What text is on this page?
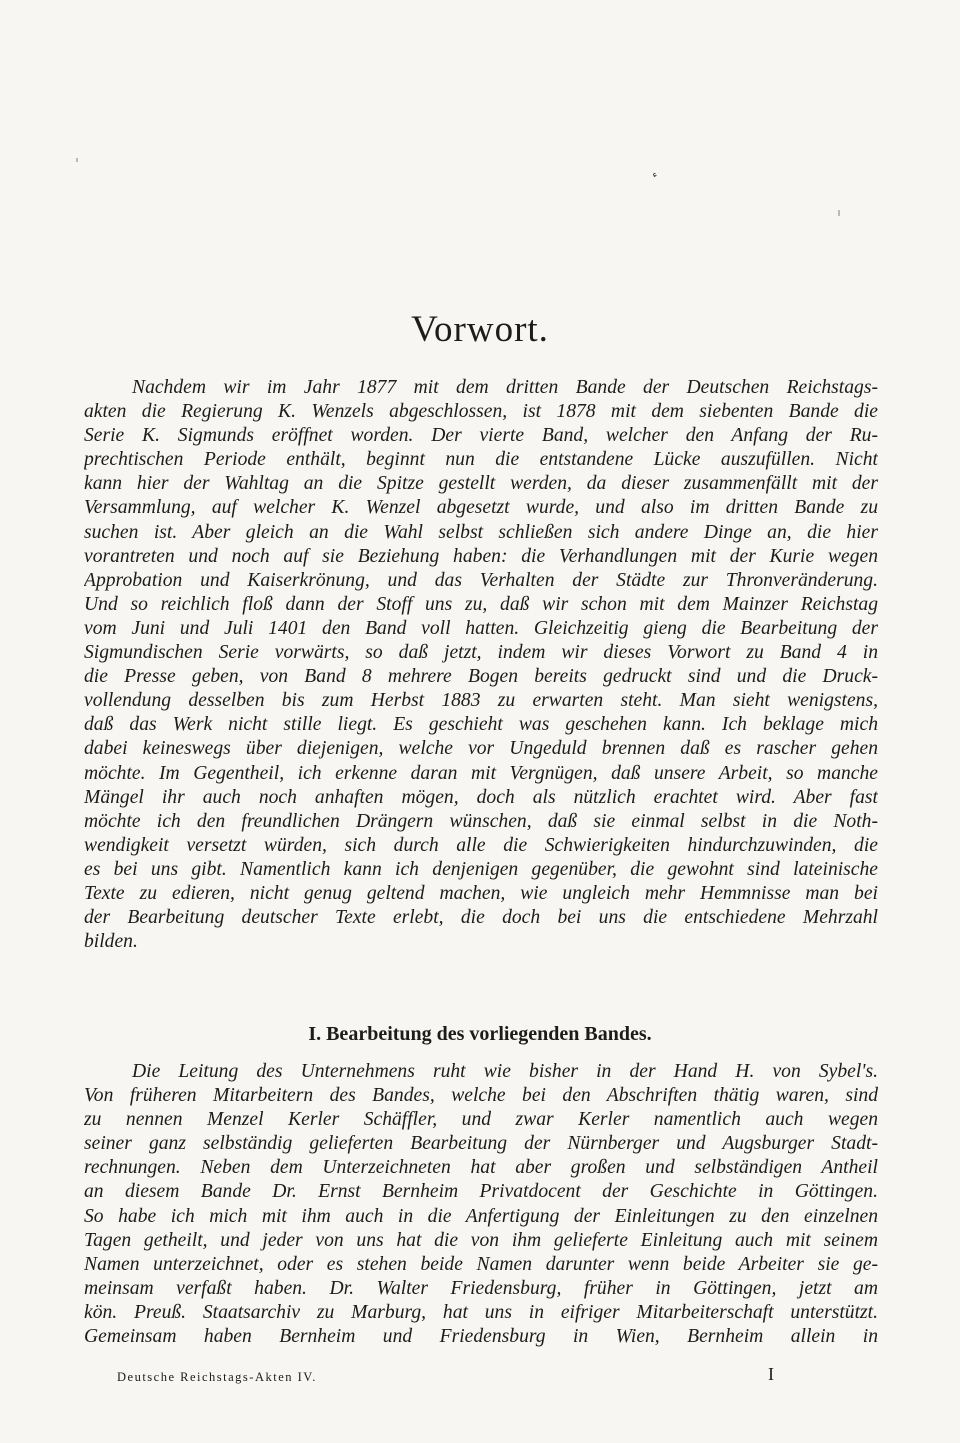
ٴ
Vorwort.
Nachdem wir im Jahr 1877 mit dem dritten Bande der Deutschen Reichstags-
akten die Regierung K. Wenzels abgeschlossen, ist 1878 mit dem siebenten Bande die
Serie K. Sigmunds eröffnet worden. Der vierte Band, welcher den Anfang der Ru-
prechtischen Periode enthält, beginnt nun die entstandene Lücke auszufüllen. Nicht
kann hier der Wahltag an die Spitze gestellt werden, da dieser zusammenfällt mit der
Versammlung, auf welcher K. Wenzel abgesetzt wurde, und also im dritten Bande zu
suchen ist. Aber gleich an die Wahl selbst schließen sich andere Dinge an, die hier
vorantreten und noch auf sie Beziehung haben: die Verhandlungen mit der Kurie wegen
Approbation und Kaiserkrönung, und das Verhalten der Städte zur Thronveränderung.
Und so reichlich floß dann der Stoff uns zu, daß wir schon mit dem Mainzer Reichstag
vom Juni und Juli 1401 den Band voll hatten. Gleichzeitig gieng die Bearbeitung der
Sigmundischen Serie vorwärts, so daß jetzt, indem wir dieses Vorwort zu Band 4 in
die Presse geben, von Band 8 mehrere Bogen bereits gedruckt sind und die Druck-
vollendung desselben bis zum Herbst 1883 zu erwarten steht. Man sieht wenigstens,
daß das Werk nicht stille liegt. Es geschieht was geschehen kann. Ich beklage mich
dabei keineswegs über diejenigen, welche vor Ungeduld brennen daß es rascher gehen
möchte. Im Gegentheil, ich erkenne daran mit Vergnügen, daß unsere Arbeit, so manche
Mängel ihr auch noch anhaften mögen, doch als nützlich erachtet wird. Aber fast
möchte ich den freundlichen Drängern wünschen, daß sie einmal selbst in die Noth-
wendigkeit versetzt würden, sich durch alle die Schwierigkeiten hindurchzuwinden, die
es bei uns gibt. Namentlich kann ich denjenigen gegenüber, die gewohnt sind lateinische
Texte zu edieren, nicht genug geltend machen, wie ungleich mehr Hemmnisse man bei
der Bearbeitung deutscher Texte erlebt, die doch bei uns die entschiedene Mehrzahl
bilden.
I. Bearbeitung des vorliegenden Bandes.
Die Leitung des Unternehmens ruht wie bisher in der Hand H. von Sybel's.
Von früheren Mitarbeitern des Bandes, welche bei den Abschriften thätig waren, sind
zu nennen Menzel Kerler Schäffler, und zwar Kerler namentlich auch wegen
seiner ganz selbständig gelieferten Bearbeitung der Nürnberger und Augsburger Stadt-
rechnungen. Neben dem Unterzeichneten hat aber großen und selbständigen Antheil
an diesem Bande Dr. Ernst Bernheim Privatdocent der Geschichte in Göttingen.
So habe ich mich mit ihm auch in die Anfertigung der Einleitungen zu den einzelnen
Tagen getheilt, und jeder von uns hat die von ihm gelieferte Einleitung auch mit seinem
Namen unterzeichnet, oder es stehen beide Namen darunter wenn beide Arbeiter sie ge-
meinsam verfaßt haben. Dr. Walter Friedensburg, früher in Göttingen, jetzt am
kön. Preuß. Staatsarchiv zu Marburg, hat uns in eifriger Mitarbeiterschaft unterstützt.
Gemeinsam haben Bernheim und Friedensburg in Wien, Bernheim allein in
Deutsche Reichstags-Akten IV.	I
